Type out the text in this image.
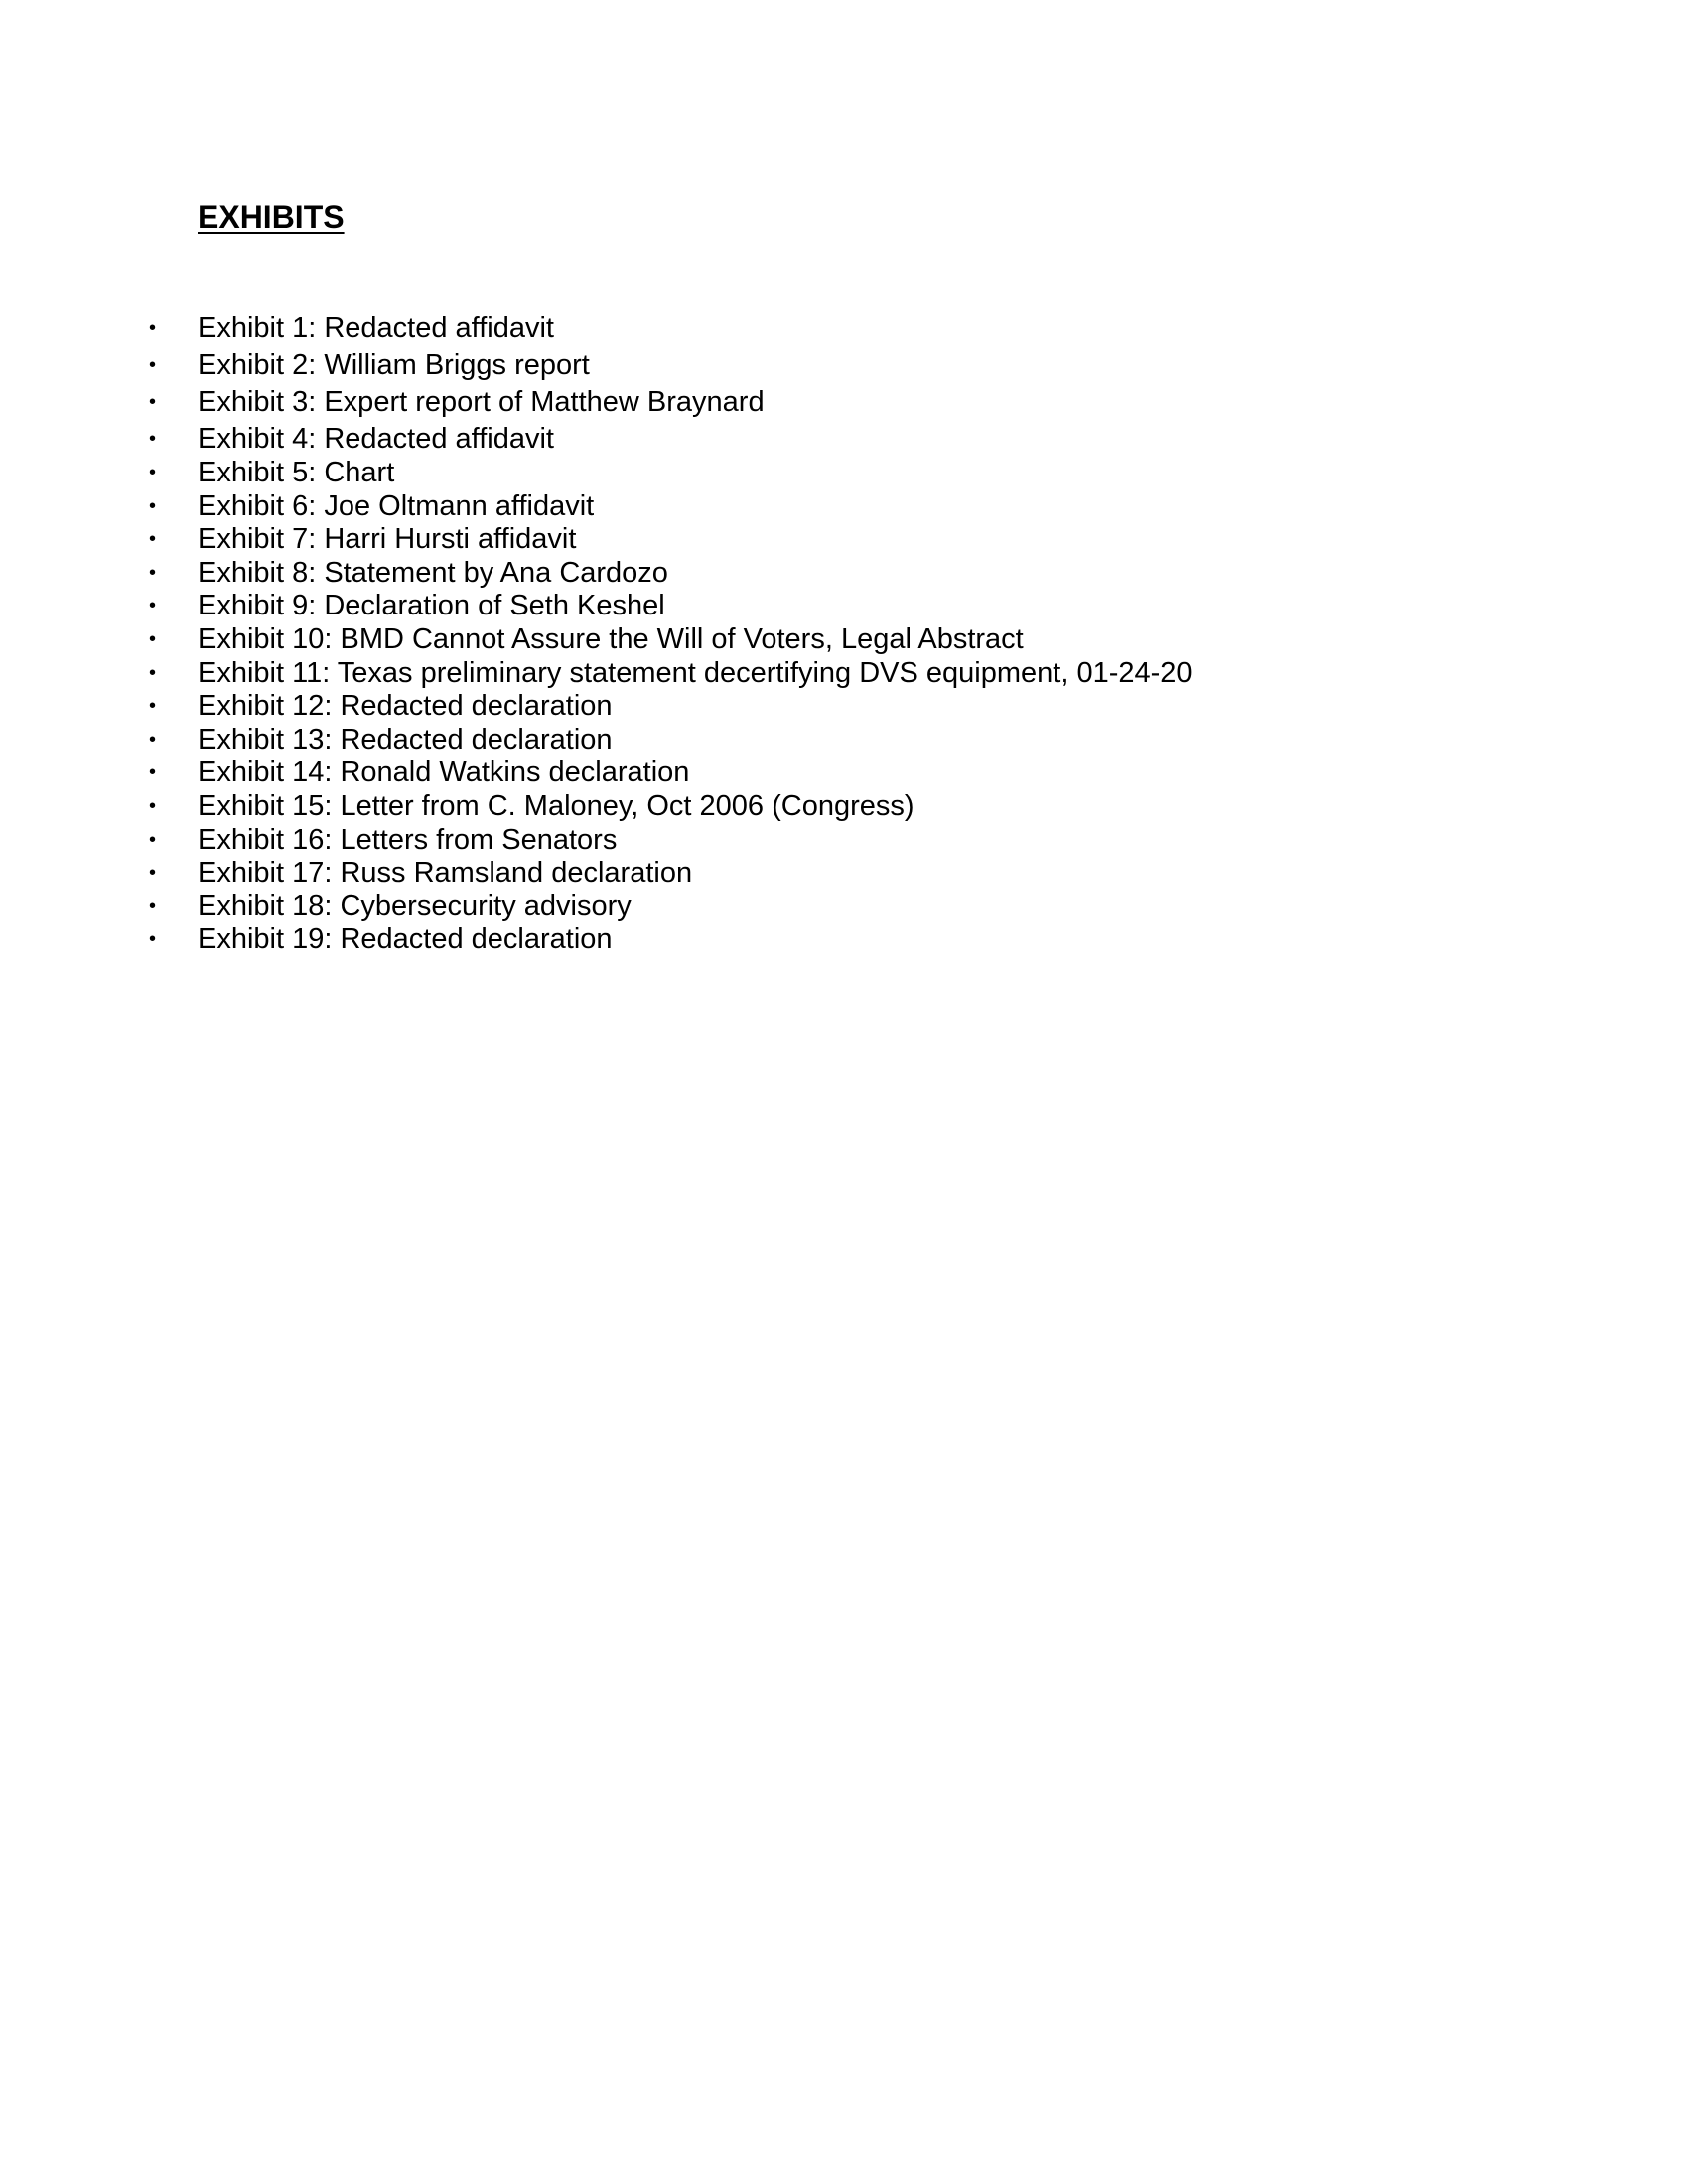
EXHIBITS
• Exhibit 1: Redacted affidavit
• Exhibit 2: William Briggs report
• Exhibit 3: Expert report of Matthew Braynard
• Exhibit 4: Redacted affidavit
• Exhibit 5: Chart
• Exhibit 6: Joe Oltmann affidavit
• Exhibit 7: Harri Hursti affidavit
• Exhibit 8: Statement by Ana Cardozo
• Exhibit 9: Declaration of Seth Keshel
• Exhibit 10: BMD Cannot Assure the Will of Voters, Legal Abstract
• Exhibit 11: Texas preliminary statement decertifying DVS equipment, 01-24-20
• Exhibit 12: Redacted declaration
• Exhibit 13: Redacted declaration
• Exhibit 14: Ronald Watkins declaration
• Exhibit 15: Letter from C. Maloney, Oct 2006 (Congress)
• Exhibit 16: Letters from Senators
• Exhibit 17: Russ Ramsland declaration
• Exhibit 18: Cybersecurity advisory
• Exhibit 19: Redacted declaration
